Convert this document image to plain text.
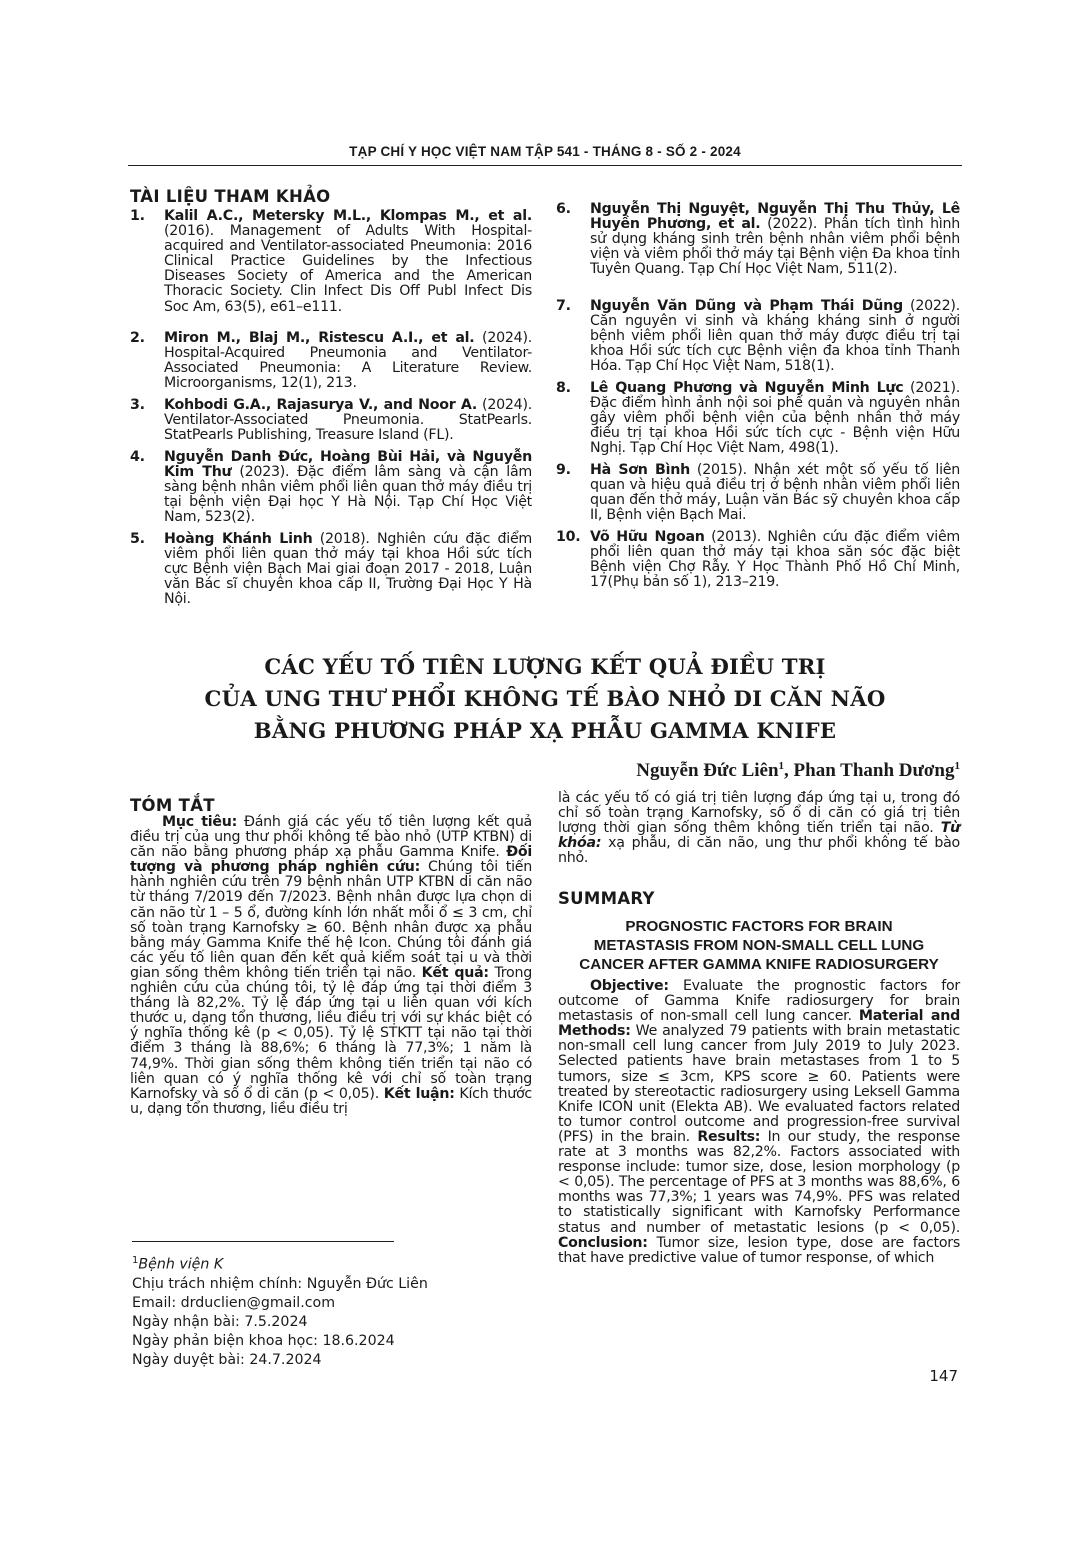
TẠP CHÍ Y HỌC VIỆT NAM TẬP 541 - THÁNG 8 - SỐ 2 - 2024
TÀI LIỆU THAM KHẢO
1.	Kalil A.C., Metersky M.L., Klompas M., et al. (2016). Management of Adults With Hospital-acquired and Ventilator-associated Pneumonia: 2016 Clinical Practice Guidelines by the Infectious Diseases Society of America and the American Thoracic Society. Clin Infect Dis Off Publ Infect Dis Soc Am, 63(5), e61–e111.
2.	Miron M., Blaj M., Ristescu A.I., et al. (2024). Hospital-Acquired Pneumonia and Ventilator-Associated Pneumonia: A Literature Review. Microorganisms, 12(1), 213.
3.	Kohbodi G.A., Rajasurya V., and Noor A. (2024). Ventilator-Associated Pneumonia. StatPearls. StatPearls Publishing, Treasure Island (FL).
4.	Nguyễn Danh Đức, Hoàng Bùi Hải, và Nguyễn Kim Thư (2023). Đặc điểm lâm sàng và cận lâm sàng bệnh nhân viêm phổi liên quan thở máy điều trị tại bệnh viện Đại học Y Hà Nội. Tạp Chí Học Việt Nam, 523(2).
5.	Hoàng Khánh Linh (2018). Nghiên cứu đặc điểm viêm phổi liên quan thở máy tại khoa Hồi sức tích cực Bệnh viện Bạch Mai giai đoạn 2017 - 2018, Luận văn Bác sĩ chuyên khoa cấp II, Trường Đại Học Y Hà Nội.
6.	Nguyễn Thị Nguyệt, Nguyễn Thị Thu Thủy, Lê Huyền Phương, et al. (2022). Phân tích tình hình sử dụng kháng sinh trên bệnh nhân viêm phổi bệnh viện và viêm phổi thở máy tại Bệnh viện Đa khoa tỉnh Tuyên Quang. Tạp Chí Học Việt Nam, 511(2).
7.	Nguyễn Văn Dũng và Phạm Thái Dũng (2022). Căn nguyên vi sinh và kháng kháng sinh ở người bệnh viêm phổi liên quan thở máy được điều trị tại khoa Hồi sức tích cực Bệnh viện đa khoa tỉnh Thanh Hóa. Tạp Chí Học Việt Nam, 518(1).
8.	Lê Quang Phương và Nguyễn Minh Lực (2021). Đặc điểm hình ảnh nội soi phế quản và nguyên nhân gây viêm phổi bệnh viện của bệnh nhân thở máy điều trị tại khoa Hồi sức tích cực - Bệnh viện Hữu Nghị. Tạp Chí Học Việt Nam, 498(1).
9.	Hà Sơn Bình (2015). Nhận xét một số yếu tố liên quan và hiệu quả điều trị ở bệnh nhân viêm phổi liên quan đến thở máy, Luận văn Bác sỹ chuyên khoa cấp II, Bệnh viện Bạch Mai.
10. Võ Hữu Ngoan (2013). Nghiên cứu đặc điểm viêm phổi liên quan thở máy tại khoa săn sóc đặc biệt Bệnh viện Chợ Rẫy. Y Học Thành Phố Hồ Chí Minh, 17(Phụ bản số 1), 213–219.
CÁC YẾU TỐ TIÊN LƯỢNG KẾT QUẢ ĐIỀU TRỊ
CỦA UNG THƯ PHỔI KHÔNG TẾ BÀO NHỎ DI CĂN NÃO
BẰNG PHƯƠNG PHÁP XẠ PHẪU GAMMA KNIFE
Nguyễn Đức Liên$^1$, Phan Thanh Dương$^1$
TÓM TẮT

Mục tiêu: Đánh giá các yếu tố tiên lượng kết quả điều trị của ung thư phổi không tế bào nhỏ (UTP KTBN) di căn não bằng phương pháp xạ phẫu Gamma Knife. Đối tượng và phương pháp nghiên cứu: Chúng tôi tiến hành nghiên cứu trên 79 bệnh nhân UTP KTBN di căn não từ tháng 7/2019 đến 7/2023. Bệnh nhân được lựa chọn di căn não từ 1 – 5 ổ, đường kính lớn nhất mỗi ổ ≤ 3 cm, chỉ số toàn trạng Karnofsky ≥ 60. Bệnh nhân được xạ phẫu bằng máy Gamma Knife thế hệ Icon. Chúng tôi đánh giá các yếu tố liên quan đến kết quả kiểm soát tại u và thời gian sống thêm không tiến triển tại não. Kết quả: Trong nghiên cứu của chúng tôi, tỷ lệ đáp ứng tại thời điểm 3 tháng là 82,2%. Tỷ lệ đáp ứng tại u liên quan với kích thước u, dạng tổn thương, liều điều trị với sự khác biệt có ý nghĩa thống kê (p < 0,05). Tỷ lệ STKTT tại não tại thời điểm 3 tháng là 88,6%; 6 tháng là 77,3%; 1 năm là 74,9%. Thời gian sống thêm không tiến triển tại não có liên quan có ý nghĩa thống kê với chỉ số toàn trạng Karnofsky và số ổ di căn (p < 0,05). Kết luận: Kích thước u, dạng tổn thương, liều điều trị

là các yếu tố có giá trị tiên lượng đáp ứng tại u, trong đó chỉ số toàn trạng Karnofsky, số ổ di căn có giá trị tiên lượng thời gian sống thêm không tiến triển tại não. Từ khóa: xạ phẫu, di căn não, ung thư phổi không tế bào nhỏ.
$^1$Bệnh viện K
Chịu trách nhiệm chính: Nguyễn Đức Liên
Email: drduclien@gmail.com
Ngày nhận bài: 7.5.2024
Ngày phản biện khoa học: 18.6.2024
Ngày duyệt bài: 24.7.2024
SUMMARY
PROGNOSTIC FACTORS FOR BRAIN
METASTASIS FROM NON-SMALL CELL LUNG
CANCER AFTER GAMMA KNIFE RADIOSURGERY

Objective: Evaluate the prognostic factors for outcome of Gamma Knife radiosurgery for brain metastasis of non-small cell lung cancer. Material and Methods: We analyzed 79 patients with brain metastatic non-small cell lung cancer from July 2019 to July 2023. Selected patients have brain metastases from 1 to 5 tumors, size ≤ 3cm, KPS score ≥ 60. Patients were treated by stereotactic radiosurgery using Leksell Gamma Knife ICON unit (Elekta AB). We evaluated factors related to tumor control outcome and progression-free survival (PFS) in the brain. Results: In our study, the response rate at 3 months was 82,2%. Factors associated with response include: tumor size, dose, lesion morphology (p < 0,05). The percentage of PFS at 3 months was 88,6%, 6 months was 77,3%; 1 years was 74,9%. PFS was related to statistically significant with Karnofsky Performance status and number of metastatic lesions (p < 0,05). Conclusion: Tumor size, lesion type, dose are factors that have predictive value of tumor response, of which

147
